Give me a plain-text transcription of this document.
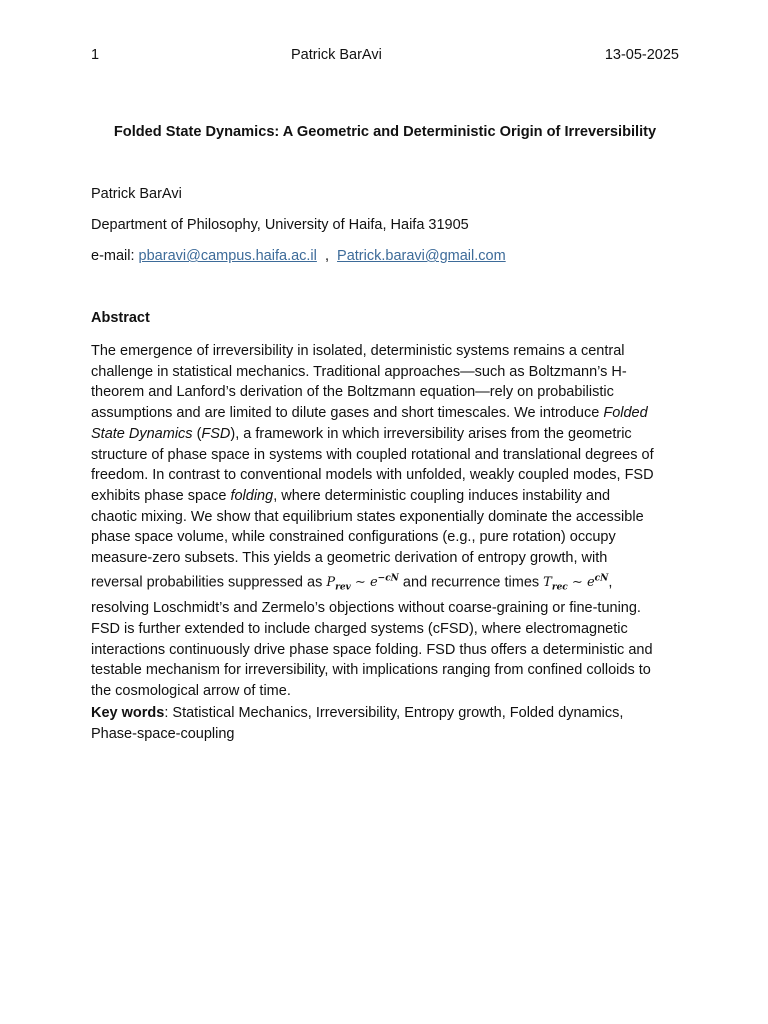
1	Patrick BarAvi	13-05-2025
Folded State Dynamics: A Geometric and Deterministic Origin of Irreversibility
Patrick BarAvi
Department of Philosophy, University of Haifa, Haifa 31905
e-mail: pbaravi@campus.haifa.ac.il , Patrick.baravi@gmail.com
Abstract
The emergence of irreversibility in isolated, deterministic systems remains a central
challenge in statistical mechanics. Traditional approaches—such as Boltzmann’s H-
theorem and Lanford’s derivation of the Boltzmann equation—rely on probabilistic
assumptions and are limited to dilute gases and short timescales. We introduce Folded
State Dynamics (FSD), a framework in which irreversibility arises from the geometric
structure of phase space in systems with coupled rotational and translational degrees of
freedom. In contrast to conventional models with unfolded, weakly coupled modes, FSD
exhibits phase space folding, where deterministic coupling induces instability and
chaotic mixing. We show that equilibrium states exponentially dominate the accessible
phase space volume, while constrained configurations (e.g., pure rotation) occupy
measure-zero subsets. This yields a geometric derivation of entropy growth, with
reversal probabilities suppressed as $P_{rev}$ ∼ $e^{-cN}$ and recurrence times $T_{rec}$ ∼ $e^{cN}$,
resolving Loschmidt’s and Zermelo’s objections without coarse-graining or fine-tuning.
FSD is further extended to include charged systems (cFSD), where electromagnetic
interactions continuously drive phase space folding. FSD thus offers a deterministic and
testable mechanism for irreversibility, with implications ranging from confined colloids to
the cosmological arrow of time.
Key words: Statistical Mechanics, Irreversibility, Entropy growth, Folded dynamics,
Phase-space-coupling
